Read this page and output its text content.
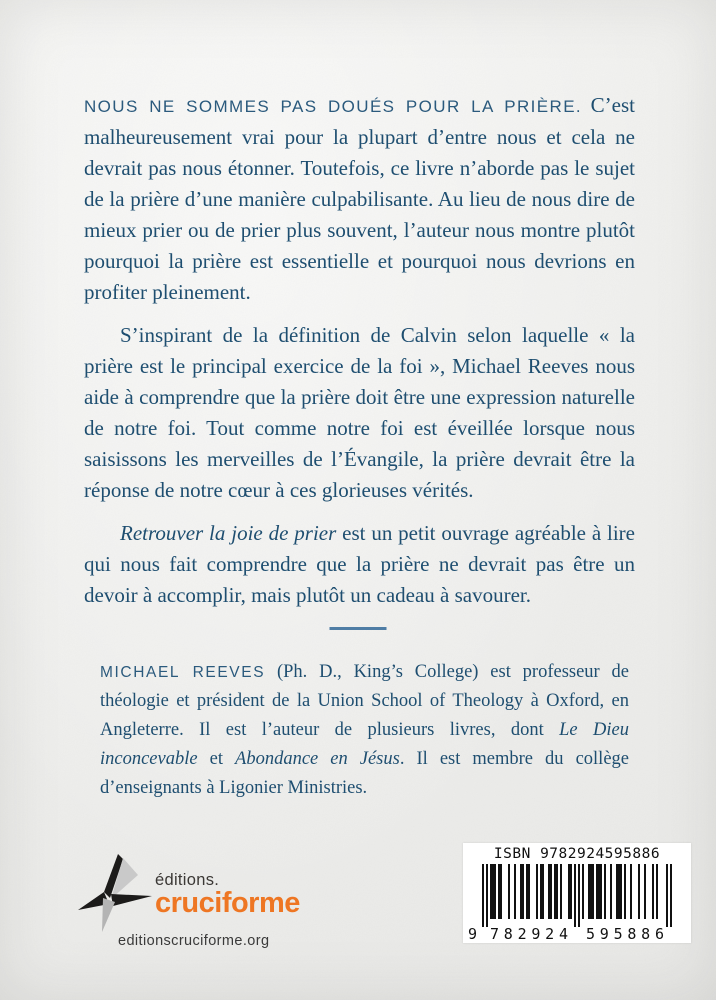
NOUS NE SOMMES PAS DOUÉS POUR LA PRIÈRE. C’est malheureusement vrai pour la plupart d’entre nous et cela ne devrait pas nous étonner. Toutefois, ce livre n’aborde pas le sujet de la prière d’une manière culpabilisante. Au lieu de nous dire de mieux prier ou de prier plus souvent, l’auteur nous montre plutôt pourquoi la prière est essentielle et pourquoi nous devrions en profiter pleinement.

S’inspirant de la définition de Calvin selon laquelle « la prière est le principal exercice de la foi », Michael Reeves nous aide à comprendre que la prière doit être une expression naturelle de notre foi. Tout comme notre foi est éveillée lorsque nous saisissons les merveilles de l’Évangile, la prière devrait être la réponse de notre cœur à ces glorieuses vérités.

Retrouver la joie de prier est un petit ouvrage agréable à lire qui nous fait comprendre que la prière ne devrait pas être un devoir à accomplir, mais plutôt un cadeau à savourer.

MICHAEL REEVES (Ph. D., King’s College) est professeur de théologie et président de la Union School of Theology à Oxford, en Angleterre. Il est l’auteur de plusieurs livres, dont Le Dieu inconcevable et Abondance en Jésus. Il est membre du collège d’enseignants à Ligonier Ministries.
éditions.
cruciforme
editionscruciforme.org
ISBN 9782924595886
9 782924 595886
